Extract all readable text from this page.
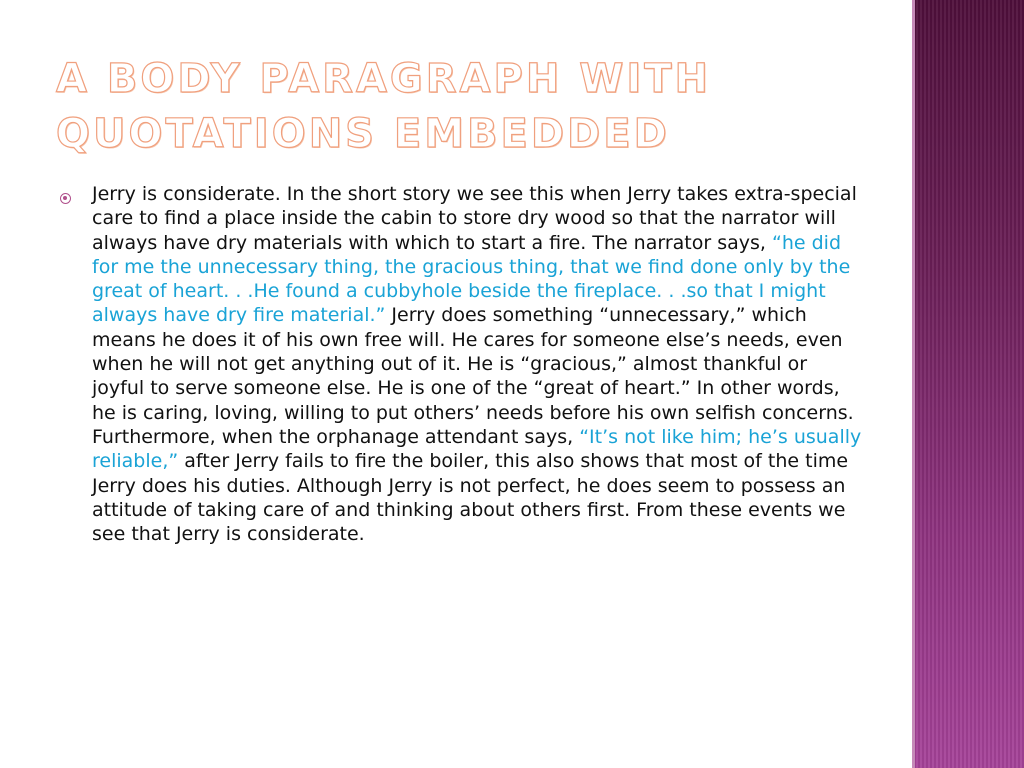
A BODY PARAGRAPH WITH
QUOTATIONS EMBEDDED

Jerry is considerate. In the short story we see this when Jerry takes extra-special care to find a place inside the cabin to store dry wood so that the narrator will always have dry materials with which to start a fire. The narrator says, “he did for me the unnecessary thing, the gracious thing, that we find done only by the great of heart. . .He found a cubbyhole beside the fireplace. . .so that I might always have dry fire material.” Jerry does something “unnecessary,” which means he does it of his own free will. He cares for someone else’s needs, even when he will not get anything out of it. He is “gracious,” almost thankful or joyful to serve someone else. He is one of the “great of heart.” In other words, he is caring, loving, willing to put others’ needs before his own selfish concerns. Furthermore, when the orphanage attendant says, “It’s not like him; he’s usually reliable,” after Jerry fails to fire the boiler, this also shows that most of the time Jerry does his duties. Although Jerry is not perfect, he does seem to possess an attitude of taking care of and thinking about others first. From these events we see that Jerry is considerate.
